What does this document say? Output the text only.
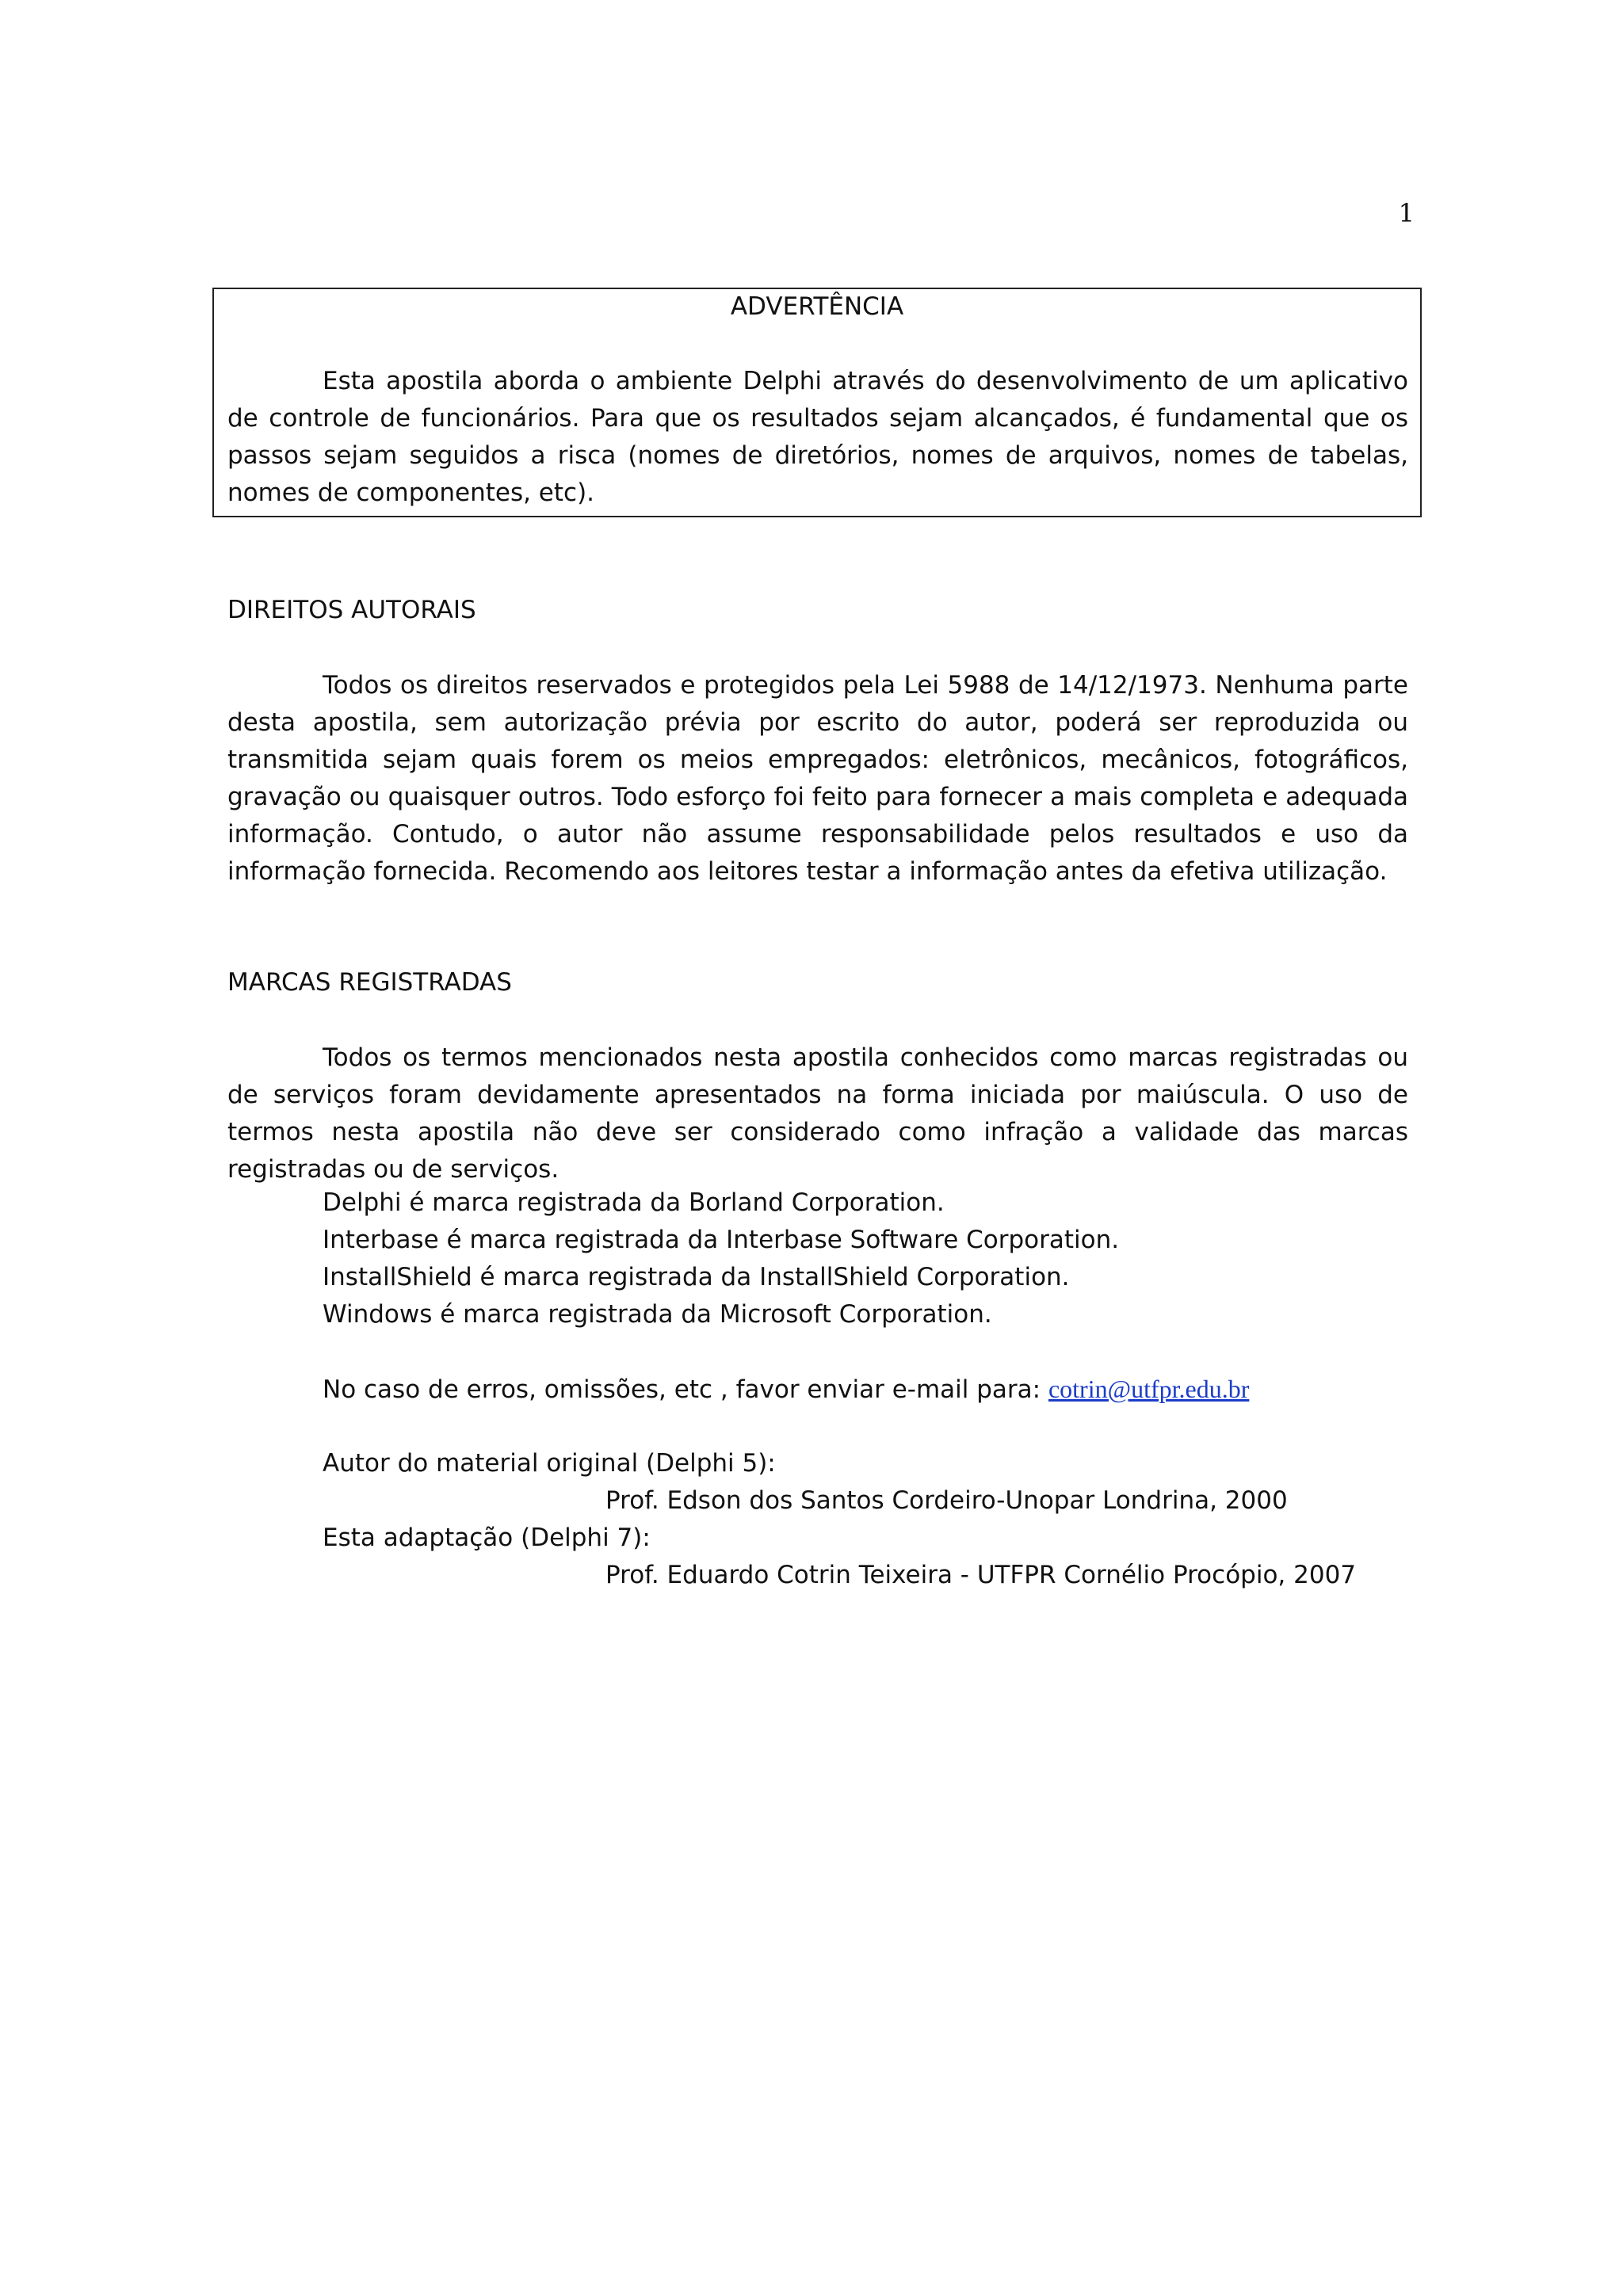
1
ADVERTÊNCIA

Esta apostila aborda o ambiente Delphi através do desenvolvimento de um aplicativo de controle de funcionários. Para que os resultados sejam alcançados, é fundamental que os passos sejam seguidos a risca (nomes de diretórios, nomes de arquivos, nomes de tabelas, nomes de componentes, etc).

DIREITOS AUTORAIS

Todos os direitos reservados e protegidos pela Lei 5988 de 14/12/1973. Nenhuma parte desta apostila, sem autorização prévia por escrito do autor, poderá ser reproduzida ou transmitida sejam quais forem os meios empregados: eletrônicos, mecânicos, fotográficos, gravação ou quaisquer outros. Todo esforço foi feito para fornecer a mais completa e adequada informação. Contudo, o autor não assume responsabilidade pelos resultados e uso da informação fornecida. Recomendo aos leitores testar a informação antes da efetiva utilização.

MARCAS REGISTRADAS

Todos os termos mencionados nesta apostila conhecidos como marcas registradas ou de serviços foram devidamente apresentados na forma iniciada por maiúscula. O uso de termos nesta apostila não deve ser considerado como infração a validade das marcas registradas ou de serviços.

Delphi é marca registrada da Borland Corporation.

Interbase é marca registrada da Interbase Software Corporation.

InstallShield é marca registrada da InstallShield Corporation.

Windows é marca registrada da Microsoft Corporation.

No caso de erros, omissões, etc , favor enviar e-mail para: cotrin@utfpr.edu.br

Autor do material original (Delphi 5):

Prof. Edson dos Santos Cordeiro-Unopar Londrina, 2000

Esta adaptação (Delphi 7):

Prof. Eduardo Cotrin Teixeira - UTFPR Cornélio Procópio, 2007
